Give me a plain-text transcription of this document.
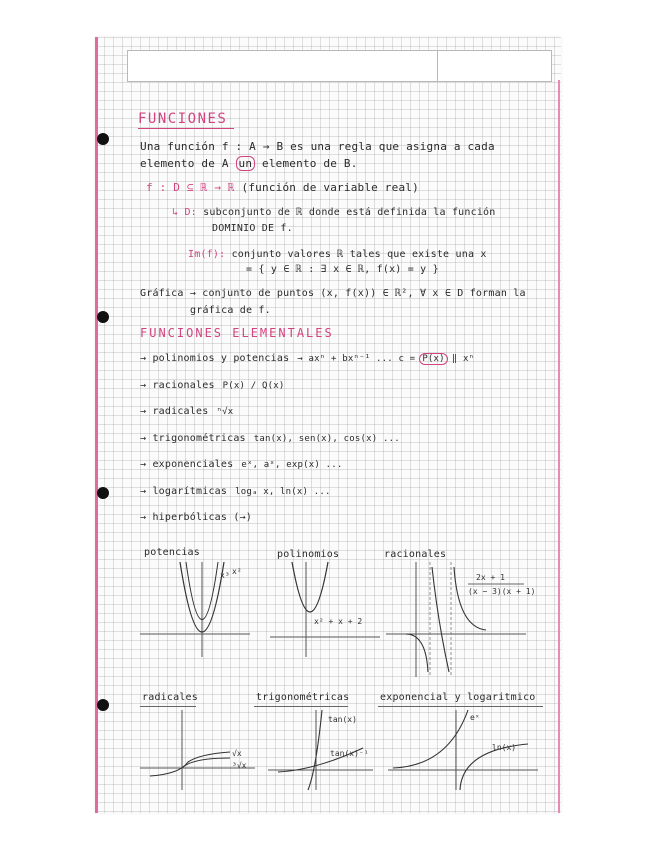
FUNCIONES
Una función f : A → B es una regla que asigna a cada
elemento de A un elemento de B.
f : D ⊆ ℝ → ℝ (función de variable real)
↳ D: subconjunto de ℝ donde está definida la función
DOMINIO DE f.
Im(f): conjunto valores ℝ tales que existe una x
= { y ∈ ℝ : ∃ x ∈ ℝ, f(x) = y }
Gráfica → conjunto de puntos (x, f(x)) ∈ ℝ², ∀ x ∈ D forman la
gráfica de f.
FUNCIONES ELEMENTALES
→ polinomios y potencias → axⁿ + bxⁿ⁻¹ ... c = P(x) ‖ xⁿ
→ racionales P(x) / Q(x)
→ radicales ⁿ√x
→ trigonométricas tan(x), sen(x), cos(x) ...
→ exponenciales eˣ, aˣ, exp(x) ...
→ logarítmicas logₐ x, ln(x) ...
→ hiperbólicas (→)
potencias	polinomios	racionales
x³ x²
x² + x + 2
2x + 1
(x − 3)(x + 1)
radicales	trigonométricas	exponencial y logaritmico
√x
³√x
tan(x)
tan(x)⁻¹
eˣ
ln(x)
